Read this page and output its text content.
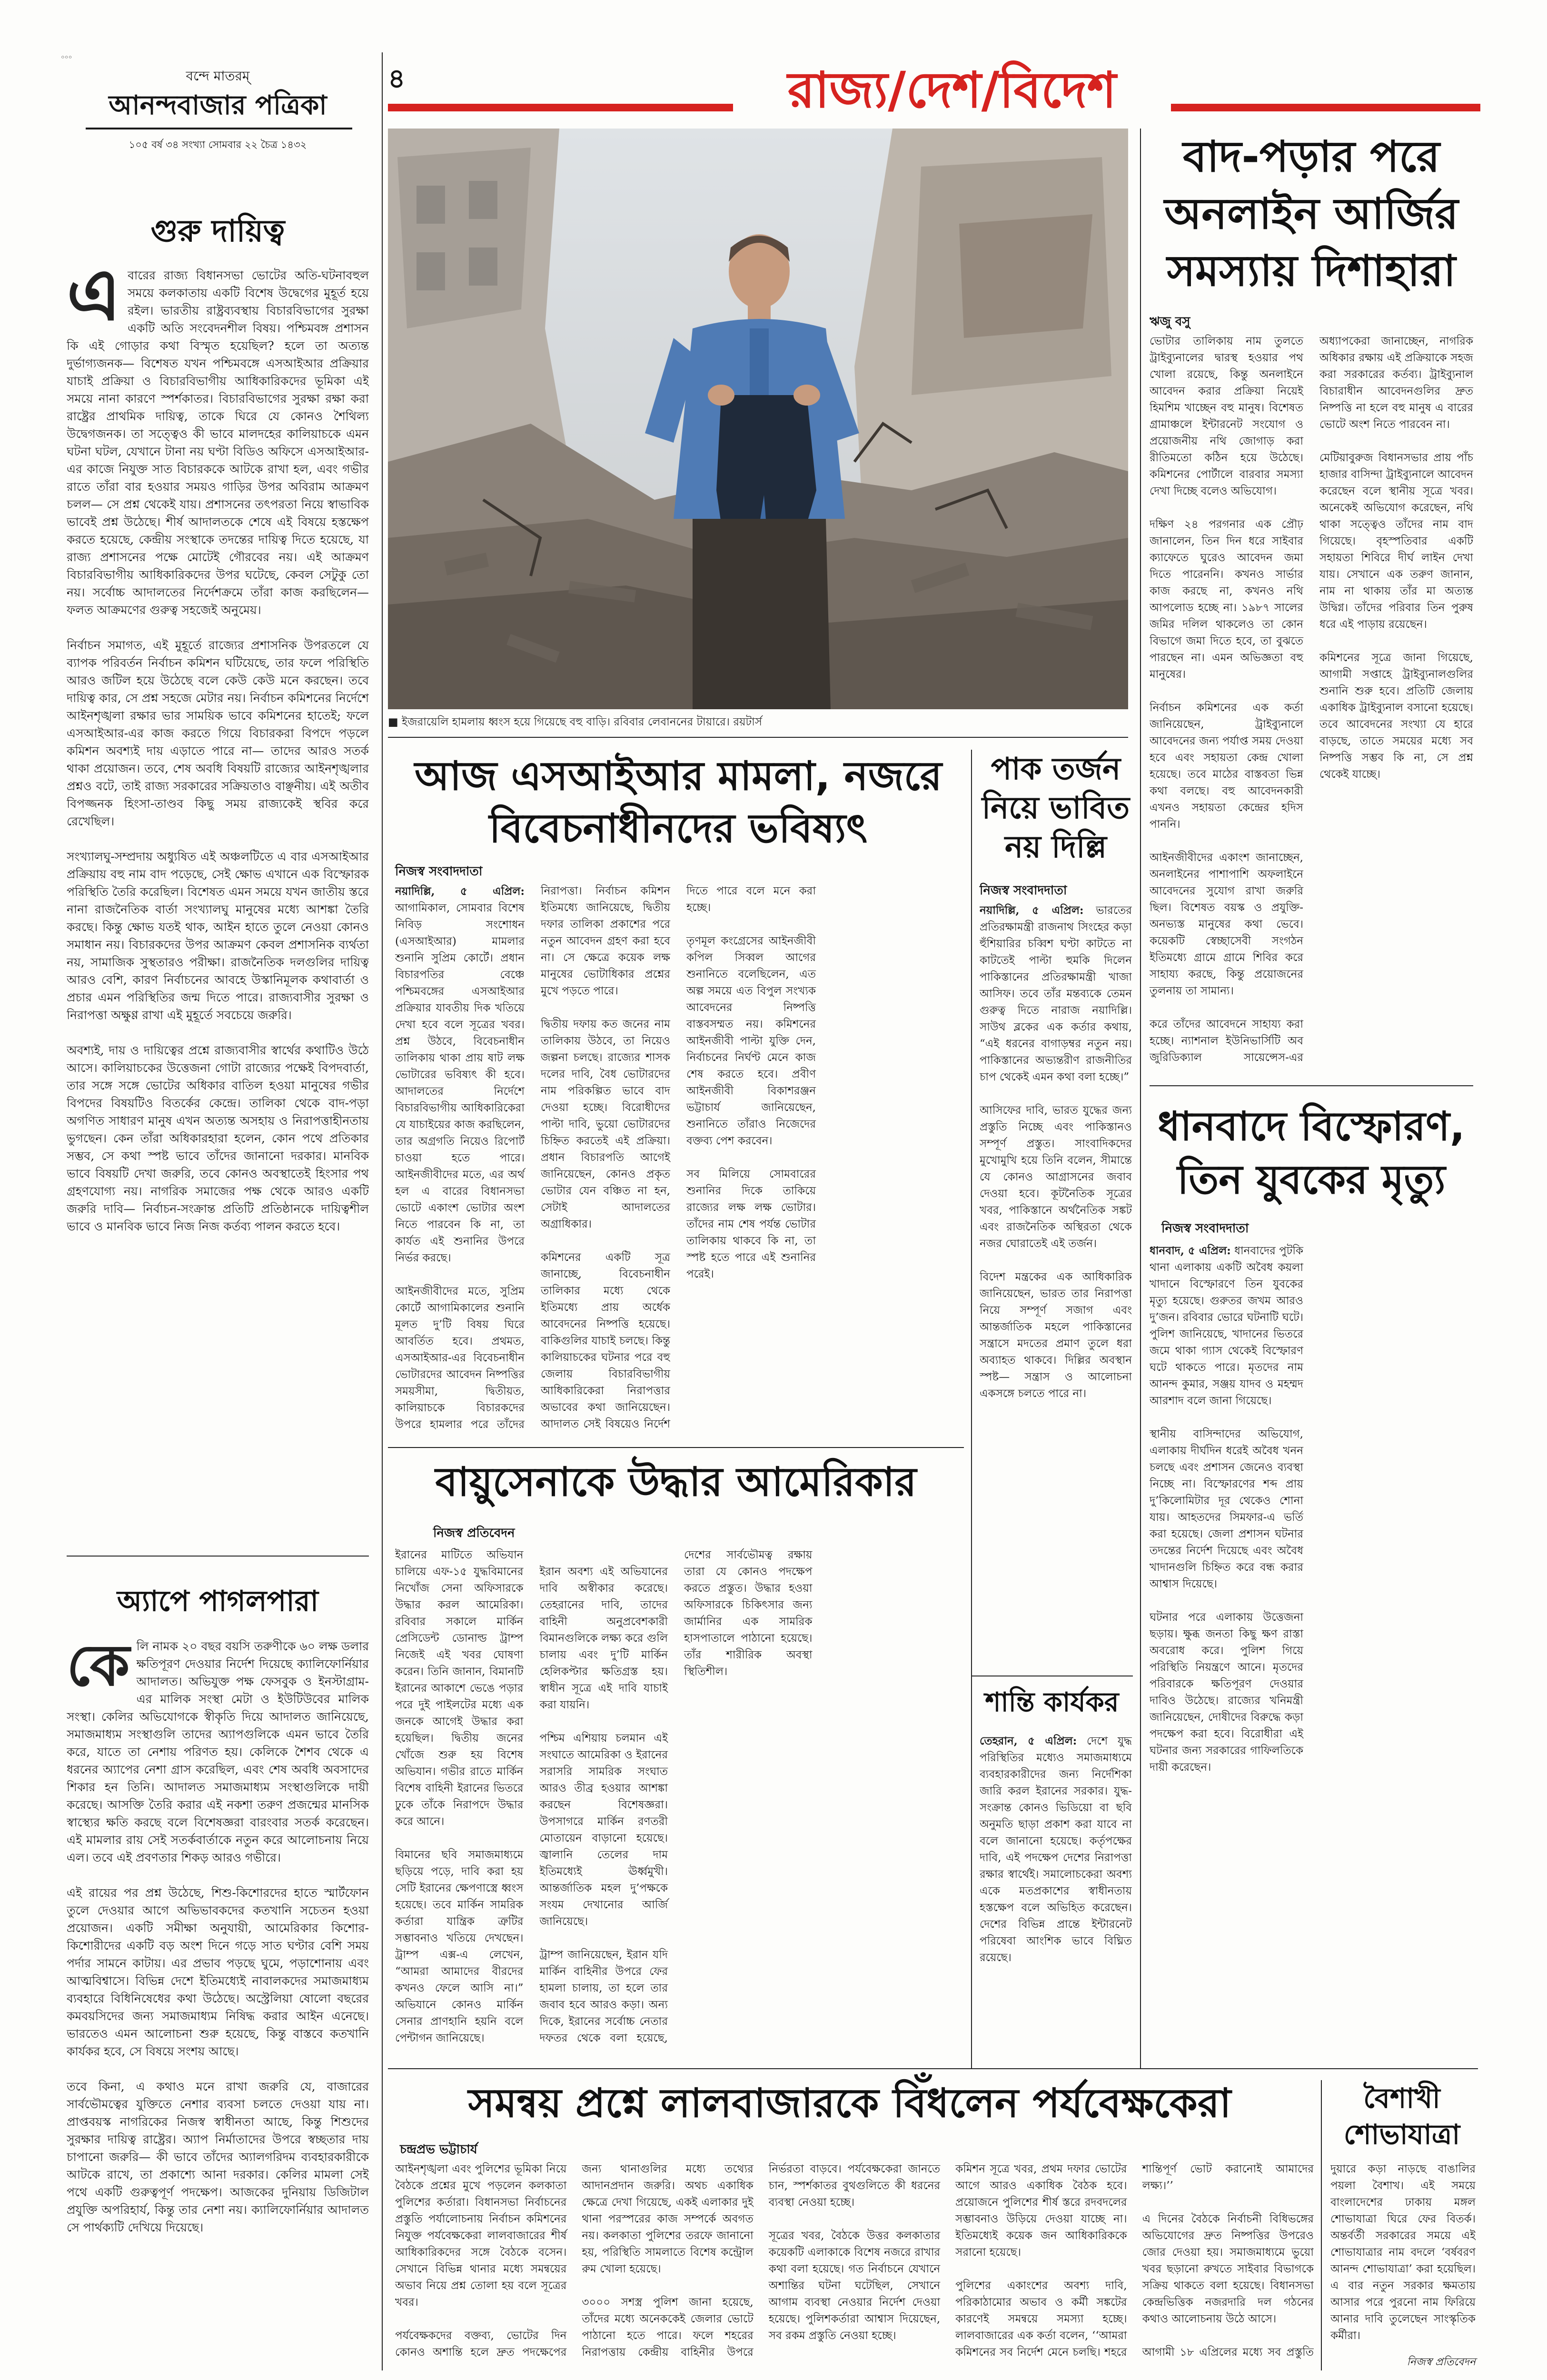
০০০
বন্দে মাতরম্‌
আনন্দবাজার পত্রিকা
১০৫ বর্ষ ৩৪ সংখ্যা সোমবার ২২ চৈত্র ১৪৩২
গুরু দায়িত্ব
এ বারের রাজ্য বিধানসভা ভোটের অতি-ঘটনাবহুল সময়ে কলকাতায় একটি বিশেষ উদ্বেগের মুহূর্ত হয়ে রইল। ভারতীয় রাষ্ট্রব্যবস্থায় বিচারবিভাগের সুরক্ষা একটি অতি সংবেদনশীল বিষয়। পশ্চিমবঙ্গ প্রশাসন কি এই গোড়ার কথা বিস্মৃত হয়েছিল? হলে তা অত্যন্ত দুর্ভাগ্যজনক— বিশেষত যখন পশ্চিমবঙ্গে এসআইআর প্রক্রিয়ার যাচাই প্রক্রিয়া ও বিচারবিভাগীয় আধিকারিকদের ভূমিকা এই সময়ে নানা কারণে স্পর্শকাতর। বিচারবিভাগের সুরক্ষা রক্ষা করা রাষ্ট্রের প্রাথমিক দায়িত্ব, তাকে ঘিরে যে কোনও শৈথিল্য উদ্বেগজনক। তা সত্ত্বেও কী ভাবে মালদহের কালিয়াচকে এমন ঘটনা ঘটল, যেখানে টানা নয় ঘণ্টা বিডিও অফিসে এসআইআর-এর কাজে নিযুক্ত সাত বিচারককে আটকে রাখা হল, এবং গভীর রাতে তাঁরা বার হওয়ার সময়ও গাড়ির উপর অবিরাম আক্রমণ চলল— সে প্রশ্ন থেকেই যায়। প্রশাসনের তৎপরতা নিয়ে স্বাভাবিক ভাবেই প্রশ্ন উঠেছে। শীর্ষ আদালতকে শেষে এই বিষয়ে হস্তক্ষেপ করতে হয়েছে, কেন্দ্রীয় সংস্থাকে তদন্তের দায়িত্ব দিতে হয়েছে, যা রাজ্য প্রশাসনের পক্ষে মোটেই গৌরবের নয়। এই আক্রমণ বিচারবিভাগীয় আধিকারিকদের উপর ঘটেছে, কেবল সেটুকু তো নয়। সর্বোচ্চ আদালতের নির্দেশক্রমে তাঁরা কাজ করছিলেন— ফলত আক্রমণের গুরুত্ব সহজেই অনুমেয়।

নির্বাচন সমাগত, এই মুহূর্তে রাজ্যের প্রশাসনিক উপরতলে যে ব্যাপক পরিবর্তন নির্বাচন কমিশন ঘটিয়েছে, তার ফলে পরিস্থিতি আরও জটিল হয়ে উঠেছে বলে কেউ কেউ মনে করছেন। তবে দায়িত্ব কার, সে প্রশ্ন সহজে মেটার নয়। নির্বাচন কমিশনের নির্দেশে আইনশৃঙ্খলা রক্ষার ভার সাময়িক ভাবে কমিশনের হাতেই; ফলে এসআইআর-এর কাজ করতে গিয়ে বিচারকরা বিপদে পড়লে কমিশন অবশ্যই দায় এড়াতে পারে না— তাদের আরও সতর্ক থাকা প্রয়োজন। তবে, শেষ অবধি বিষয়টি রাজ্যের আইনশৃঙ্খলার প্রশ্নও বটে, তাই রাজ্য সরকারের সক্রিয়তাও বাঞ্ছনীয়। এই অতীব বিপজ্জনক হিংসা-তাণ্ডব কিছু সময় রাজ্যকেই স্থবির করে রেখেছিল।

সংখ্যালঘু-সম্প্রদায় অধ্যুষিত এই অঞ্চলটিতে এ বার এসআইআর প্রক্রিয়ায় বহু নাম বাদ পড়েছে, সেই ক্ষোভ এখানে এক বিস্ফোরক পরিস্থিতি তৈরি করেছিল। বিশেষত এমন সময়ে যখন জাতীয় স্তরে নানা রাজনৈতিক বার্তা সংখ্যালঘু মানুষের মধ্যে আশঙ্কা তৈরি করছে। কিন্তু ক্ষোভ যতই থাক, আইন হাতে তুলে নেওয়া কোনও সমাধান নয়। বিচারকদের উপর আক্রমণ কেবল প্রশাসনিক ব্যর্থতা নয়, সামাজিক সুস্থতারও পরীক্ষা। রাজনৈতিক দলগুলির দায়িত্ব আরও বেশি, কারণ নির্বাচনের আবহে উস্কানিমূলক কথাবার্তা ও প্রচার এমন পরিস্থিতির জন্ম দিতে পারে। রাজ্যবাসীর সুরক্ষা ও নিরাপত্তা অক্ষুণ্ণ রাখা এই মুহূর্তে সবচেয়ে জরুরি।

অবশ্যই, দায় ও দায়িত্বের প্রশ্নে রাজ্যবাসীর স্বার্থের কথাটিও উঠে আসে। কালিয়াচকের উত্তেজনা গোটা রাজ্যের পক্ষেই বিপদবার্তা, তার সঙ্গে সঙ্গে ভোটের অধিকার বাতিল হওয়া মানুষের গভীর বিপদের বিষয়টিও বিতর্কের কেন্দ্রে। তালিকা থেকে বাদ-পড়া অগণিত সাধারণ মানুষ এখন অত্যন্ত অসহায় ও নিরাপত্তাহীনতায় ভুগছেন। কেন তাঁরা অধিকারহারা হলেন, কোন পথে প্রতিকার সম্ভব, সে কথা স্পষ্ট ভাবে তাঁদের জানানো দরকার। মানবিক ভাবে বিষয়টি দেখা জরুরি, তবে কোনও অবস্থাতেই হিংসার পথ গ্রহণযোগ্য নয়। নাগরিক সমাজের পক্ষ থেকে আরও একটি জরুরি দাবি— নির্বাচন-সংক্রান্ত প্রতিটি প্রতিষ্ঠানকে দায়িত্বশীল ভাবে ও মানবিক ভাবে নিজ নিজ কর্তব্য পালন করতে হবে।
অ্যাপে পাগলপারা
কে লি নামক ২০ বছর বয়সি তরুণীকে ৬০ লক্ষ ডলার ক্ষতিপূরণ দেওয়ার নির্দেশ দিয়েছে ক্যালিফোর্নিয়ার আদালত। অভিযুক্ত পক্ষ ফেসবুক ও ইনস্টাগ্রাম-এর মালিক সংস্থা মেটা ও ইউটিউবের মালিক সংস্থা। কেলির অভিযোগকে স্বীকৃতি দিয়ে আদালত জানিয়েছে, সমাজমাধ্যম সংস্থাগুলি তাদের অ্যাপগুলিকে এমন ভাবে তৈরি করে, যাতে তা নেশায় পরিণত হয়। কেলিকে শৈশব থেকে এ ধরনের অ্যাপের নেশা গ্রাস করেছিল, এবং শেষ অবধি অবসাদের শিকার হন তিনি। আদালত সমাজমাধ্যম সংস্থাগুলিকে দায়ী করেছে। আসক্তি তৈরি করার এই নকশা তরুণ প্রজন্মের মানসিক স্বাস্থ্যের ক্ষতি করছে বলে বিশেষজ্ঞরা বারংবার সতর্ক করেছেন। এই মামলার রায় সেই সতর্কবার্তাকে নতুন করে আলোচনায় নিয়ে এল। তবে এই প্রবণতার শিকড় আরও গভীরে।

এই রায়ের পর প্রশ্ন উঠেছে, শিশু-কিশোরদের হাতে স্মার্টফোন তুলে দেওয়ার আগে অভিভাবকদের কতখানি সচেতন হওয়া প্রয়োজন। একটি সমীক্ষা অনুযায়ী, আমেরিকার কিশোর-কিশোরীদের একটি বড় অংশ দিনে গড়ে সাত ঘণ্টার বেশি সময় পর্দার সামনে কাটায়। এর প্রভাব পড়ছে ঘুমে, পড়াশোনায় এবং আত্মবিশ্বাসে। বিভিন্ন দেশে ইতিমধ্যেই নাবালকদের সমাজমাধ্যম ব্যবহারে বিধিনিষেধের কথা উঠেছে। অস্ট্রেলিয়া ষোলো বছরের কমবয়সিদের জন্য সমাজমাধ্যম নিষিদ্ধ করার আইন এনেছে। ভারতেও এমন আলোচনা শুরু হয়েছে, কিন্তু বাস্তবে কতখানি কার্যকর হবে, সে বিষয়ে সংশয় আছে।

তবে কিনা, এ কথাও মনে রাখা জরুরি যে, বাজারের সার্বভৌমত্বের যুক্তিতে নেশার ব্যবসা চলতে দেওয়া যায় না। প্রাপ্তবয়স্ক নাগরিকের নিজস্ব স্বাধীনতা আছে, কিন্তু শিশুদের সুরক্ষার দায়িত্ব রাষ্ট্রের। অ্যাপ নির্মাতাদের উপরে স্বচ্ছতার দায় চাপানো জরুরি— কী ভাবে তাঁদের অ্যালগরিদম ব্যবহারকারীকে আটকে রাখে, তা প্রকাশ্যে আনা দরকার। কেলির মামলা সেই পথে একটি গুরুত্বপূর্ণ পদক্ষেপ। আজকের দুনিয়ায় ডিজিটাল প্রযুক্তি অপরিহার্য, কিন্তু তার নেশা নয়। ক্যালিফোর্নিয়ার আদালত সে পার্থক্যটি দেখিয়ে দিয়েছে।
৪	রাজ্য/দেশ/বিদেশ
■ ইজরায়েলি হামলায় ধ্বংস হয়ে গিয়েছে বহু বাড়ি। রবিবার লেবাননের টায়ারে। রয়টার্স
বাদ-পড়ার পরে অনলাইন আর্জির সমস্যায় দিশাহারা
ঋজু বসু
ভোটার তালিকায় নাম তুলতে ট্রাইব্যুনালের দ্বারস্থ হওয়ার পথ খোলা রয়েছে, কিন্তু অনলাইনে আবেদন করার প্রক্রিয়া নিয়েই হিমশিম খাচ্ছেন বহু মানুষ। বিশেষত গ্রামাঞ্চলে ইন্টারনেট সংযোগ ও প্রয়োজনীয় নথি জোগাড় করা রীতিমতো কঠিন হয়ে উঠেছে। কমিশনের পোর্টালে বারবার সমস্যা দেখা দিচ্ছে বলেও অভিযোগ।

দক্ষিণ ২৪ পরগনার এক প্রৌঢ় জানালেন, তিন দিন ধরে সাইবার ক্যাফেতে ঘুরেও আবেদন জমা দিতে পারেননি। কখনও সার্ভার কাজ করছে না, কখনও নথি আপলোড হচ্ছে না। ১৯৮৭ সালের জমির দলিল থাকলেও তা কোন বিভাগে জমা দিতে হবে, তা বুঝতে পারছেন না। এমন অভিজ্ঞতা বহু মানুষের।

নির্বাচন কমিশনের এক কর্তা জানিয়েছেন, ট্রাইব্যুনালে আবেদনের জন্য পর্যাপ্ত সময় দেওয়া হবে এবং সহায়তা কেন্দ্র খোলা হয়েছে। তবে মাঠের বাস্তবতা ভিন্ন কথা বলছে। বহু আবেদনকারী এখনও সহায়তা কেন্দ্রের হদিস পাননি।

আইনজীবীদের একাংশ জানাচ্ছেন, অনলাইনের পাশাপাশি অফলাইনে আবেদনের সুযোগ রাখা জরুরি ছিল। বিশেষত বয়স্ক ও প্রযুক্তি-অনভ্যস্ত মানুষের কথা ভেবে। কয়েকটি স্বেচ্ছাসেবী সংগঠন ইতিমধ্যে গ্রামে গ্রামে শিবির করে সাহায্য করছে, কিন্তু প্রয়োজনের তুলনায় তা সামান্য।

করে তাঁদের আবেদনে সাহায্য করা হচ্ছে। ন্যাশনাল ইউনিভার্সিটি অব জুরিডিক্যাল সায়েন্সেস-এর অধ্যাপকেরা জানাচ্ছেন, নাগরিক অধিকার রক্ষায় এই প্রক্রিয়াকে সহজ করা সরকারের কর্তব্য। ট্রাইব্যুনাল বিচারাধীন আবেদনগুলির দ্রুত নিষ্পত্তি না হলে বহু মানুষ এ বারের ভোটে অংশ নিতে পারবেন না।

মেটিয়াবুরুজ বিধানসভার প্রায় পাঁচ হাজার বাসিন্দা ট্রাইব্যুনালে আবেদন করেছেন বলে স্থানীয় সূত্রে খবর। অনেকেই অভিযোগ করেছেন, নথি থাকা সত্ত্বেও তাঁদের নাম বাদ গিয়েছে। বৃহস্পতিবার একটি সহায়তা শিবিরে দীর্ঘ লাইন দেখা যায়। সেখানে এক তরুণ জানান, নাম না থাকায় তাঁর মা অত্যন্ত উদ্বিগ্ন। তাঁদের পরিবার তিন পুরুষ ধরে এই পাড়ায় রয়েছেন।

কমিশনের সূত্রে জানা গিয়েছে, আগামী সপ্তাহে ট্রাইব্যুনালগুলির শুনানি শুরু হবে। প্রতিটি জেলায় একাধিক ট্রাইব্যুনাল বসানো হয়েছে। তবে আবেদনের সংখ্যা যে হারে বাড়ছে, তাতে সময়ের মধ্যে সব নিষ্পত্তি সম্ভব কি না, সে প্রশ্ন থেকেই যাচ্ছে।
আজ এসআইআর মামলা, নজরে বিবেচনাধীনদের ভবিষ্যৎ
নিজস্ব সংবাদদাতা
নয়াদিল্লি, ৫ এপ্রিল: আগামিকাল, সোমবার বিশেষ নিবিড় সংশোধন (এসআইআর) মামলার শুনানি সুপ্রিম কোর্টে। প্রধান বিচারপতির বেঞ্চে পশ্চিমবঙ্গের এসআইআর প্রক্রিয়ার যাবতীয় দিক খতিয়ে দেখা হবে বলে সূত্রের খবর। প্রশ্ন উঠবে, বিবেচনাধীন তালিকায় থাকা প্রায় ষাট লক্ষ ভোটারের ভবিষ্যৎ কী হবে। আদালতের নির্দেশে বিচারবিভাগীয় আধিকারিকেরা যে যাচাইয়ের কাজ করছিলেন, তার অগ্রগতি নিয়েও রিপোর্ট চাওয়া হতে পারে। আইনজীবীদের মতে, এর অর্থ হল এ বারের বিধানসভা ভোটে একাংশ ভোটার অংশ নিতে পারবেন কি না, তা কার্যত এই শুনানির উপরে নির্ভর করছে।

আইনজীবীদের মতে, সুপ্রিম কোর্টে আগামিকালের শুনানি মূলত দু’টি বিষয় ঘিরে আবর্তিত হবে। প্রথমত, এসআইআর-এর বিবেচনাধীন ভোটারদের আবেদন নিষ্পত্তির সময়সীমা, দ্বিতীয়ত, কালিয়াচকে বিচারকদের উপরে হামলার পরে তাঁদের নিরাপত্তা। নির্বাচন কমিশন ইতিমধ্যে জানিয়েছে, দ্বিতীয় দফার তালিকা প্রকাশের পরে নতুন আবেদন গ্রহণ করা হবে না। সে ক্ষেত্রে কয়েক লক্ষ মানুষের ভোটাধিকার প্রশ্নের মুখে পড়তে পারে।

দ্বিতীয় দফায় কত জনের নাম তালিকায় উঠবে, তা নিয়েও জল্পনা চলছে। রাজ্যের শাসক দলের দাবি, বৈধ ভোটারদের নাম পরিকল্পিত ভাবে বাদ দেওয়া হচ্ছে। বিরোধীদের পাল্টা দাবি, ভুয়ো ভোটারদের চিহ্নিত করতেই এই প্রক্রিয়া। প্রধান বিচারপতি আগেই জানিয়েছেন, কোনও প্রকৃত ভোটার যেন বঞ্চিত না হন, সেটাই আদালতের অগ্রাধিকার।

কমিশনের একটি সূত্র জানাচ্ছে, বিবেচনাধীন তালিকার মধ্যে থেকে ইতিমধ্যে প্রায় অর্ধেক আবেদনের নিষ্পত্তি হয়েছে। বাকিগুলির যাচাই চলছে। কিন্তু কালিয়াচকের ঘটনার পরে বহু জেলায় বিচারবিভাগীয় আধিকারিকেরা নিরাপত্তার অভাবের কথা জানিয়েছেন। আদালত সেই বিষয়েও নির্দেশ দিতে পারে বলে মনে করা হচ্ছে।

তৃণমূল কংগ্রেসের আইনজীবী কপিল সিব্বল আগের শুনানিতে বলেছিলেন, এত অল্প সময়ে এত বিপুল সংখ্যক আবেদনের নিষ্পত্তি বাস্তবসম্মত নয়। কমিশনের আইনজীবী পাল্টা যুক্তি দেন, নির্বাচনের নির্ঘণ্ট মেনে কাজ শেষ করতে হবে। প্রবীণ আইনজীবী বিকাশরঞ্জন ভট্টাচার্য জানিয়েছেন, শুনানিতে তাঁরাও নিজেদের বক্তব্য পেশ করবেন।

সব মিলিয়ে সোমবারের শুনানির দিকে তাকিয়ে রাজ্যের লক্ষ লক্ষ ভোটার। তাঁদের নাম শেষ পর্যন্ত ভোটার তালিকায় থাকবে কি না, তা স্পষ্ট হতে পারে এই শুনানির পরেই।
পাক তর্জন নিয়ে ভাবিত নয় দিল্লি
নিজস্ব সংবাদদাতা
নয়াদিল্লি, ৫ এপ্রিল: ভারতের প্রতিরক্ষামন্ত্রী রাজনাথ সিংহের কড়া হুঁশিয়ারির চব্বিশ ঘণ্টা কাটতে না কাটতেই পাল্টা হুমকি দিলেন পাকিস্তানের প্রতিরক্ষামন্ত্রী খাজা আসিফ। তবে তাঁর মন্তব্যকে তেমন গুরুত্ব দিতে নারাজ নয়াদিল্লি। সাউথ ব্লকের এক কর্তার কথায়, “এই ধরনের বাগাড়ম্বর নতুন নয়। পাকিস্তানের অভ্যন্তরীণ রাজনীতির চাপ থেকেই এমন কথা বলা হচ্ছে।”

আসিফের দাবি, ভারত যুদ্ধের জন্য প্রস্তুতি নিচ্ছে এবং পাকিস্তানও সম্পূর্ণ প্রস্তুত। সাংবাদিকদের মুখোমুখি হয়ে তিনি বলেন, সীমান্তে যে কোনও আগ্রাসনের জবাব দেওয়া হবে। কূটনৈতিক সূত্রের খবর, পাকিস্তানে অর্থনৈতিক সঙ্কট এবং রাজনৈতিক অস্থিরতা থেকে নজর ঘোরাতেই এই তর্জন।

বিদেশ মন্ত্রকের এক আধিকারিক জানিয়েছেন, ভারত তার নিরাপত্তা নিয়ে সম্পূর্ণ সজাগ এবং আন্তর্জাতিক মহলে পাকিস্তানের সন্ত্রাসে মদতের প্রমাণ তুলে ধরা অব্যাহত থাকবে। দিল্লির অবস্থান স্পষ্ট— সন্ত্রাস ও আলোচনা একসঙ্গে চলতে পারে না।
বায়ুসেনাকে উদ্ধার আমেরিকার
নিজস্ব প্রতিবেদন
ইরানের মাটিতে অভিযান চালিয়ে এফ-১৫ যুদ্ধবিমানের নিখোঁজ সেনা অফিসারকে উদ্ধার করল আমেরিকা। রবিবার সকালে মার্কিন প্রেসিডেন্ট ডোনাল্ড ট্রাম্প নিজেই এই খবর ঘোষণা করেন। তিনি জানান, বিমানটি ইরানের আকাশে ভেঙে পড়ার পরে দুই পাইলটের মধ্যে এক জনকে আগেই উদ্ধার করা হয়েছিল। দ্বিতীয় জনের খোঁজে শুরু হয় বিশেষ অভিযান। গভীর রাতে মার্কিন বিশেষ বাহিনী ইরানের ভিতরে ঢুকে তাঁকে নিরাপদে উদ্ধার করে আনে।

বিমানের ছবি সমাজমাধ্যমে ছড়িয়ে পড়ে, দাবি করা হয় সেটি ইরানের ক্ষেপণাস্ত্রে ধ্বংস হয়েছে। তবে মার্কিন সামরিক কর্তারা যান্ত্রিক ত্রুটির সম্ভাবনাও খতিয়ে দেখছেন। ট্রাম্প এক্স-এ লেখেন, “আমরা আমাদের বীরদের কখনও ফেলে আসি না।” অভিযানে কোনও মার্কিন সেনার প্রাণহানি হয়নি বলে পেন্টাগন জানিয়েছে।

ইরান অবশ্য এই অভিযানের দাবি অস্বীকার করেছে। তেহরানের দাবি, তাদের বাহিনী অনুপ্রবেশকারী বিমানগুলিকে লক্ষ্য করে গুলি চালায় এবং দু’টি মার্কিন হেলিকপ্টার ক্ষতিগ্রস্ত হয়। স্বাধীন সূত্রে এই দাবি যাচাই করা যায়নি।

পশ্চিম এশিয়ায় চলমান এই সংঘাতে আমেরিকা ও ইরানের সরাসরি সামরিক সংঘাত আরও তীব্র হওয়ার আশঙ্কা করছেন বিশেষজ্ঞরা। উপসাগরে মার্কিন রণতরী মোতায়েন বাড়ানো হয়েছে। জ্বালানি তেলের দাম ইতিমধ্যেই ঊর্ধ্বমুখী। আন্তর্জাতিক মহল দু’পক্ষকে সংযম দেখানোর আর্জি জানিয়েছে।

ট্রাম্প জানিয়েছেন, ইরান যদি মার্কিন বাহিনীর উপরে ফের হামলা চালায়, তা হলে তার জবাব হবে আরও কড়া। অন্য দিকে, ইরানের সর্বোচ্চ নেতার দফতর থেকে বলা হয়েছে, দেশের সার্বভৌমত্ব রক্ষায় তারা যে কোনও পদক্ষেপ করতে প্রস্তুত। উদ্ধার হওয়া অফিসারকে চিকিৎসার জন্য জার্মানির এক সামরিক হাসপাতালে পাঠানো হয়েছে। তাঁর শারীরিক অবস্থা স্থিতিশীল।
শান্তি কার্যকর
তেহরান, ৫ এপ্রিল: দেশে যুদ্ধ পরিস্থিতির মধ্যেও সমাজমাধ্যমে ব্যবহারকারীদের জন্য নির্দেশিকা জারি করল ইরানের সরকার। যুদ্ধ-সংক্রান্ত কোনও ভিডিয়ো বা ছবি অনুমতি ছাড়া প্রকাশ করা যাবে না বলে জানানো হয়েছে। কর্তৃপক্ষের দাবি, এই পদক্ষেপ দেশের নিরাপত্তা রক্ষার স্বার্থেই। সমালোচকেরা অবশ্য একে মতপ্রকাশের স্বাধীনতায় হস্তক্ষেপ বলে অভিহিত করেছেন। দেশের বিভিন্ন প্রান্তে ইন্টারনেট পরিষেবা আংশিক ভাবে বিঘ্নিত রয়েছে।
ধানবাদে বিস্ফোরণ, তিন যুবকের মৃত্যু
নিজস্ব সংবাদদাতা
ধানবাদ, ৫ এপ্রিল: ধানবাদের পুটকি থানা এলাকায় একটি অবৈধ কয়লা খাদানে বিস্ফোরণে তিন যুবকের মৃত্যু হয়েছে। গুরুতর জখম আরও দু’জন। রবিবার ভোরে ঘটনাটি ঘটে। পুলিশ জানিয়েছে, খাদানের ভিতরে জমে থাকা গ্যাস থেকেই বিস্ফোরণ ঘটে থাকতে পারে। মৃতদের নাম আনন্দ কুমার, সঞ্জয় যাদব ও মহম্মদ আরশাদ বলে জানা গিয়েছে।

স্থানীয় বাসিন্দাদের অভিযোগ, এলাকায় দীর্ঘদিন ধরেই অবৈধ খনন চলছে এবং প্রশাসন জেনেও ব্যবস্থা নিচ্ছে না। বিস্ফোরণের শব্দ প্রায় দু’কিলোমিটার দূর থেকেও শোনা যায়। আহতদের সিমফার-এ ভর্তি করা হয়েছে। জেলা প্রশাসন ঘটনার তদন্তের নির্দেশ দিয়েছে এবং অবৈধ খাদানগুলি চিহ্নিত করে বন্ধ করার আশ্বাস দিয়েছে।

ঘটনার পরে এলাকায় উত্তেজনা ছড়ায়। ক্ষুব্ধ জনতা কিছু ক্ষণ রাস্তা অবরোধ করে। পুলিশ গিয়ে পরিস্থিতি নিয়ন্ত্রণে আনে। মৃতদের পরিবারকে ক্ষতিপূরণ দেওয়ার দাবিও উঠেছে। রাজ্যের খনিমন্ত্রী জানিয়েছেন, দোষীদের বিরুদ্ধে কড়া পদক্ষেপ করা হবে। বিরোধীরা এই ঘটনার জন্য সরকারের গাফিলতিকে দায়ী করেছেন।
সমন্বয় প্রশ্নে লালবাজারকে বিঁধলেন পর্যবেক্ষকেরা
চন্দ্রপ্রভ ভট্টাচার্য
আইনশৃঙ্খলা এবং পুলিশের ভূমিকা নিয়ে বৈঠকে প্রশ্নের মুখে পড়লেন কলকাতা পুলিশের কর্তারা। বিধানসভা নির্বাচনের প্রস্তুতি পর্যালোচনায় নির্বাচন কমিশনের নিযুক্ত পর্যবেক্ষকেরা লালবাজারের শীর্ষ আধিকারিকদের সঙ্গে বৈঠকে বসেন। সেখানে বিভিন্ন থানার মধ্যে সমন্বয়ের অভাব নিয়ে প্রশ্ন তোলা হয় বলে সূত্রের খবর।

পর্যবেক্ষকদের বক্তব্য, ভোটের দিন কোনও অশান্তি হলে দ্রুত পদক্ষেপের জন্য থানাগুলির মধ্যে তথ্যের আদানপ্রদান জরুরি। অথচ একাধিক ক্ষেত্রে দেখা গিয়েছে, একই এলাকার দুই থানা পরস্পরের কাজ সম্পর্কে অবগত নয়। কলকাতা পুলিশের তরফে জানানো হয়, পরিস্থিতি সামলাতে বিশেষ কন্ট্রোল রুম খোলা হয়েছে।

৩০০০ সশস্ত্র পুলিশ জানা হয়েছে, তাঁদের মধ্যে অনেককেই জেলার ভোটে পাঠানো হতে পারে। ফলে শহরের নিরাপত্তায় কেন্দ্রীয় বাহিনীর উপরে নির্ভরতা বাড়বে। পর্যবেক্ষকেরা জানতে চান, স্পর্শকাতর বুথগুলিতে কী ধরনের ব্যবস্থা নেওয়া হচ্ছে।

সূত্রের খবর, বৈঠকে উত্তর কলকাতার কয়েকটি এলাকাকে বিশেষ নজরে রাখার কথা বলা হয়েছে। গত নির্বাচনে যেখানে অশান্তির ঘটনা ঘটেছিল, সেখানে আগাম ব্যবস্থা নেওয়ার নির্দেশ দেওয়া হয়েছে। পুলিশকর্তারা আশ্বাস দিয়েছেন, সব রকম প্রস্তুতি নেওয়া হচ্ছে।

কমিশন সূত্রে খবর, প্রথম দফার ভোটের আগে আরও একাধিক বৈঠক হবে। প্রয়োজনে পুলিশের শীর্ষ স্তরে রদবদলের সম্ভাবনাও উড়িয়ে দেওয়া যাচ্ছে না। ইতিমধ্যেই কয়েক জন আধিকারিককে সরানো হয়েছে।

পুলিশের একাংশের অবশ্য দাবি, পরিকাঠামোর অভাব ও কর্মী সঙ্কটের কারণেই সমন্বয়ে সমস্যা হচ্ছে। লালবাজারের এক কর্তা বলেন, ‘‘আমরা কমিশনের সব নির্দেশ মেনে চলছি। শহরে শান্তিপূর্ণ ভোট করানোই আমাদের লক্ষ্য।’’

এ দিনের বৈঠকে নির্বাচনী বিধিভঙ্গের অভিযোগের দ্রুত নিষ্পত্তির উপরেও জোর দেওয়া হয়। সমাজমাধ্যমে ভুয়ো খবর ছড়ানো রুখতে সাইবার বিভাগকে সক্রিয় থাকতে বলা হয়েছে। বিধানসভা কেন্দ্রভিত্তিক নজরদারি দল গঠনের কথাও আলোচনায় উঠে আসে।

আগামী ১৮ এপ্রিলের মধ্যে সব প্রস্তুতি
বৈশাখী শোভাযাত্রা
দুয়ারে কড়া নাড়ছে বাঙালির পয়লা বৈশাখ। এই সময়ে বাংলাদেশের ঢাকায় মঙ্গল শোভাযাত্রা ঘিরে ফের বিতর্ক। অন্তর্বর্তী সরকারের সময়ে এই শোভাযাত্রার নাম বদলে ‘বর্ষবরণ আনন্দ শোভাযাত্রা’ করা হয়েছিল। এ বার নতুন সরকার ক্ষমতায় আসার পরে পুরনো নাম ফিরিয়ে আনার দাবি তুলেছেন সাংস্কৃতিক কর্মীরা।

নিজস্ব প্রতিবেদন
